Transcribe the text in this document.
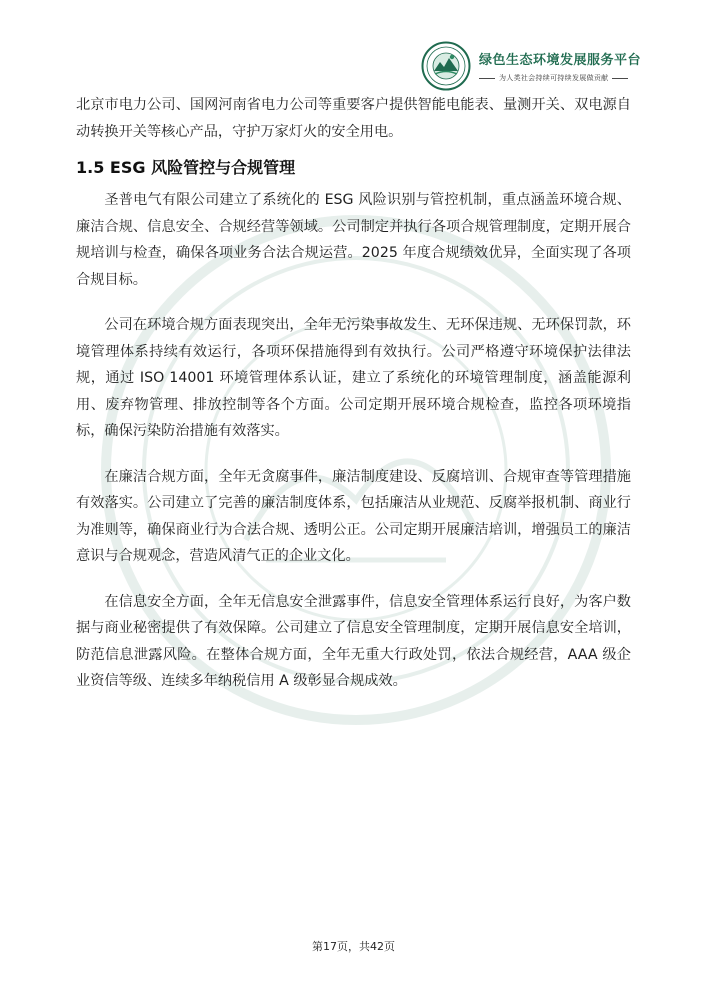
绿色生态环境发展服务平台
为人类社会持续可持续发展做贡献

北京市电力公司、国网河南省电力公司等重要客户提供智能电能表、量测开关、双电源自动转换开关等核心产品，守护万家灯火的安全用电。

1.5 ESG 风险管控与合规管理

圣普电气有限公司建立了系统化的 ESG 风险识别与管控机制，重点涵盖环境合规、廉洁合规、信息安全、合规经营等领域。公司制定并执行各项合规管理制度，定期开展合规培训与检查，确保各项业务合法合规运营。2025 年度合规绩效优异，全面实现了各项合规目标。

公司在环境合规方面表现突出，全年无污染事故发生、无环保违规、无环保罚款，环境管理体系持续有效运行，各项环保措施得到有效执行。公司严格遵守环境保护法律法规，通过 ISO 14001 环境管理体系认证，建立了系统化的环境管理制度，涵盖能源利用、废弃物管理、排放控制等各个方面。公司定期开展环境合规检查，监控各项环境指标，确保污染防治措施有效落实。

在廉洁合规方面，全年无贪腐事件，廉洁制度建设、反腐培训、合规审查等管理措施有效落实。公司建立了完善的廉洁制度体系，包括廉洁从业规范、反腐举报机制、商业行为准则等，确保商业行为合法合规、透明公正。公司定期开展廉洁培训，增强员工的廉洁意识与合规观念，营造风清气正的企业文化。

在信息安全方面，全年无信息安全泄露事件，信息安全管理体系运行良好，为客户数据与商业秘密提供了有效保障。公司建立了信息安全管理制度，定期开展信息安全培训，防范信息泄露风险。在整体合规方面，全年无重大行政处罚，依法合规经营，AAA 级企业资信等级、连续多年纳税信用 A 级彰显合规成效。

第17页，共42页
